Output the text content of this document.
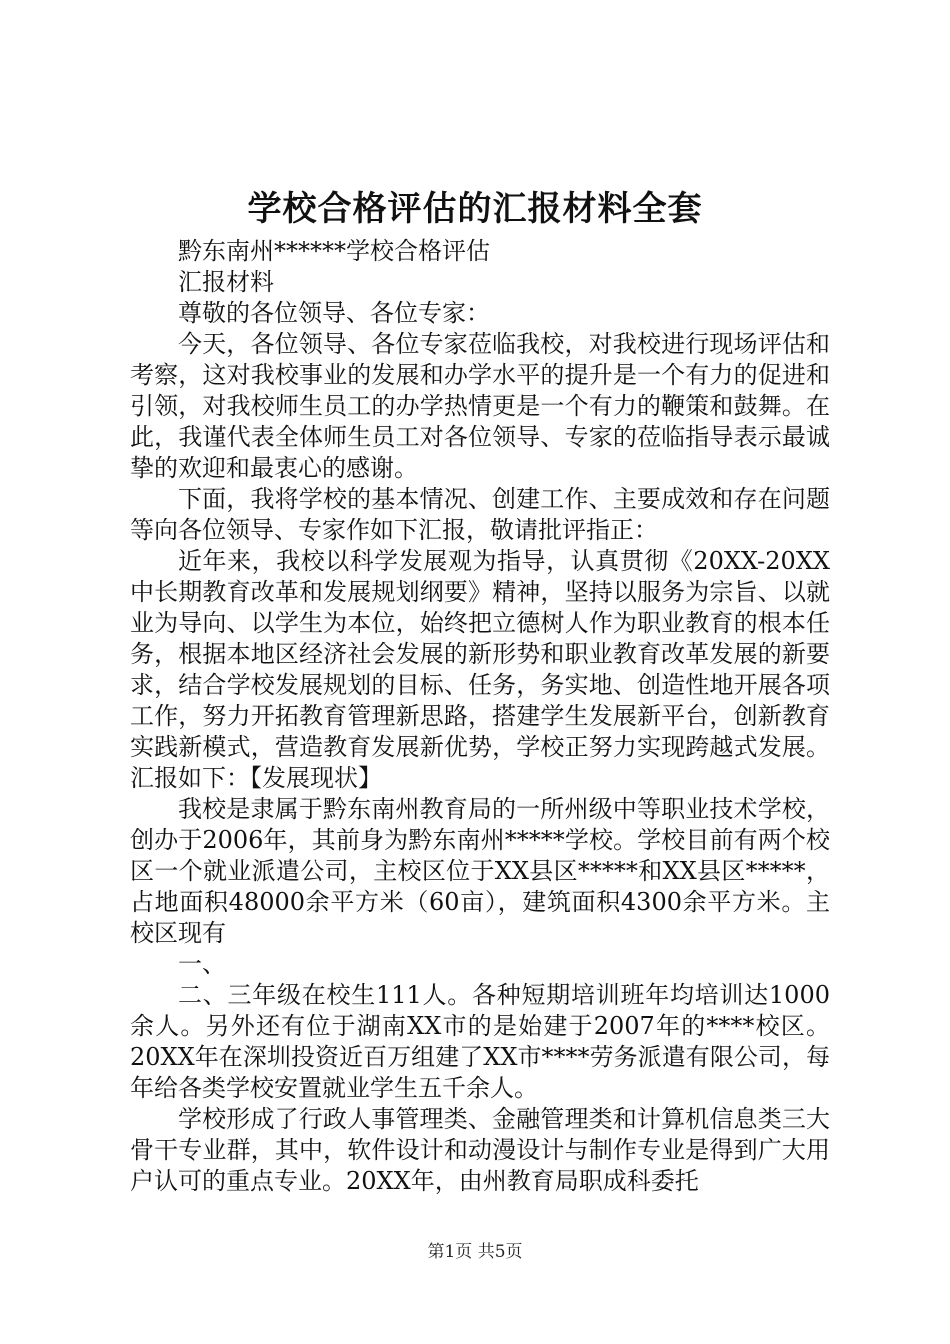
学校合格评估的汇报材料全套

黔东南州******学校合格评估

汇报材料

尊敬的各位领导、各位专家：

今天，各位领导、各位专家莅临我校，对我校进行现场评估和考察，这对我校事业的发展和办学水平的提升是一个有力的促进和引领，对我校师生员工的办学热情更是一个有力的鞭策和鼓舞。在此，我谨代表全体师生员工对各位领导、专家的莅临指导表示最诚挚的欢迎和最衷心的感谢。

下面，我将学校的基本情况、创建工作、主要成效和存在问题等向各位领导、专家作如下汇报，敬请批评指正：

近年来，我校以科学发展观为指导，认真贯彻《20XX-20XX中长期教育改革和发展规划纲要》精神，坚持以服务为宗旨、以就业为导向、以学生为本位，始终把立德树人作为职业教育的根本任务，根据本地区经济社会发展的新形势和职业教育改革发展的新要求，结合学校发展规划的目标、任务，务实地、创造性地开展各项工作，努力开拓教育管理新思路，搭建学生发展新平台，创新教育实践新模式，营造教育发展新优势，学校正努力实现跨越式发展。汇报如下：【发展现状】

我校是隶属于黔东南州教育局的一所州级中等职业技术学校，创办于2006年，其前身为黔东南州*****学校。学校目前有两个校区一个就业派遣公司，主校区位于XX县区*****和XX县区*****，占地面积48000余平方米（60亩），建筑面积4300余平方米。主校区现有

一、

二、三年级在校生111人。各种短期培训班年均培训达1000余人。另外还有位于湖南XX市的是始建于2007年的****校区。20XX年在深圳投资近百万组建了XX市****劳务派遣有限公司，每年给各类学校安置就业学生五千余人。

学校形成了行政人事管理类、金融管理类和计算机信息类三大骨干专业群，其中，软件设计和动漫设计与制作专业是得到广大用户认可的重点专业。20XX年，由州教育局职成科委托

第1页 共5页
